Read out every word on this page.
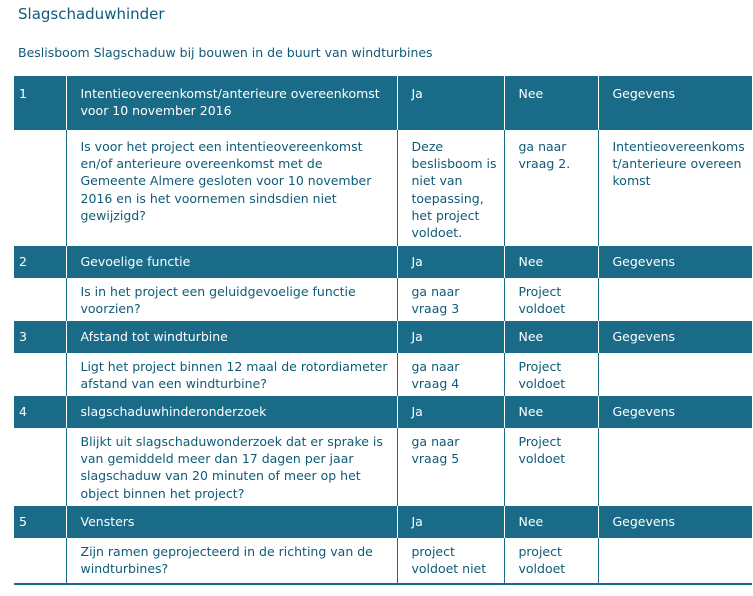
Slagschaduwhinder
Beslisboom Slagschaduw bij bouwen in de buurt van windturbines
1	Intentieovereenkomst/anterieure overeenkomst voor 10 november 2016	Ja	Nee	Gegevens
	Is voor het project een intentieovereenkomst en/of anterieure overeenkomst met de Gemeente Almere gesloten voor 10 november 2016 en is het voornemen sindsdien niet gewijzigd?	Deze beslisboom is niet van toepassing, het project voldoet.	ga naar vraag 2.	Intentieovereenkomst/anterieure overeenkomst
2	Gevoelige functie	Ja	Nee	Gegevens
	Is in het project een geluidgevoelige functie voorzien?	ga naar vraag 3	Project voldoet	
3	Afstand tot windturbine	Ja	Nee	Gegevens
	Ligt het project binnen 12 maal de rotordiameter afstand van een windturbine?	ga naar vraag 4	Project voldoet	
4	slagschaduwhinderonderzoek	Ja	Nee	Gegevens
	Blijkt uit slagschaduwonderzoek dat er sprake is van gemiddeld meer dan 17 dagen per jaar slagschaduw van 20 minuten of meer op het object binnen het project?	ga naar vraag 5	Project voldoet	
5	Vensters	Ja	Nee	Gegevens
	Zijn ramen geprojecteerd in de richting van de windturbines?	project voldoet niet	project voldoet	
